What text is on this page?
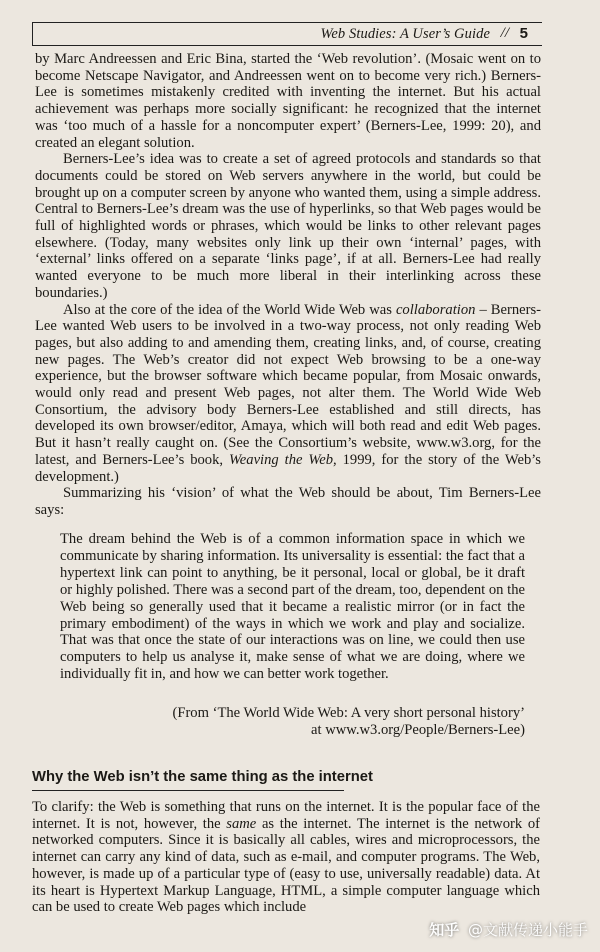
Web Studies: A User’s Guide // 5

by Marc Andreessen and Eric Bina, started the ‘Web revolution’. (Mosaic went on to become Netscape Navigator, and Andreessen went on to become very rich.) Berners-Lee is sometimes mistakenly credited with inventing the internet. But his actual achievement was perhaps more socially significant: he recognized that the internet was ‘too much of a hassle for a noncomputer expert’ (Berners-Lee, 1999: 20), and created an elegant solution.

Berners-Lee’s idea was to create a set of agreed protocols and standards so that documents could be stored on Web servers anywhere in the world, but could be brought up on a computer screen by anyone who wanted them, using a simple address. Central to Berners-Lee’s dream was the use of hyperlinks, so that Web pages would be full of highlighted words or phrases, which would be links to other relevant pages elsewhere. (Today, many websites only link up their own ‘internal’ pages, with ‘external’ links offered on a separate ‘links page’, if at all. Berners-Lee had really wanted everyone to be much more liberal in their interlinking across these boundaries.)

Also at the core of the idea of the World Wide Web was collaboration – Berners-Lee wanted Web users to be involved in a two-way process, not only reading Web pages, but also adding to and amending them, creating links, and, of course, creating new pages. The Web’s creator did not expect Web browsing to be a one-way experience, but the browser software which became popular, from Mosaic onwards, would only read and present Web pages, not alter them. The World Wide Web Consortium, the advisory body Berners-Lee established and still directs, has developed its own browser/editor, Amaya, which will both read and edit Web pages. But it hasn’t really caught on. (See the Consortium’s website, www.w3.org, for the latest, and Berners-Lee’s book, Weaving the Web, 1999, for the story of the Web’s development.)

Summarizing his ‘vision’ of what the Web should be about, Tim Berners-Lee says:

The dream behind the Web is of a common information space in which we communicate by sharing information. Its universality is essential: the fact that a hypertext link can point to anything, be it personal, local or global, be it draft or highly polished. There was a second part of the dream, too, dependent on the Web being so generally used that it became a realistic mirror (or in fact the primary embodiment) of the ways in which we work and play and socialize. That was that once the state of our interactions was on line, we could then use computers to help us analyse it, make sense of what we are doing, where we individually fit in, and how we can better work together.

(From ‘The World Wide Web: A very short personal history’
at www.w3.org/People/Berners-Lee)
Why the Web isn’t the same thing as the internet

To clarify: the Web is something that runs on the internet. It is the popular face of the internet. It is not, however, the same as the internet. The internet is the network of networked computers. Since it is basically all cables, wires and microprocessors, the internet can carry any kind of data, such as e-mail, and computer programs. The Web, however, is made up of a particular type of (easy to use, universally readable) data. At its heart is Hypertext Markup Language, HTML, a simple computer language which can be used to create Web pages which include

知乎 @文献传递小能手
